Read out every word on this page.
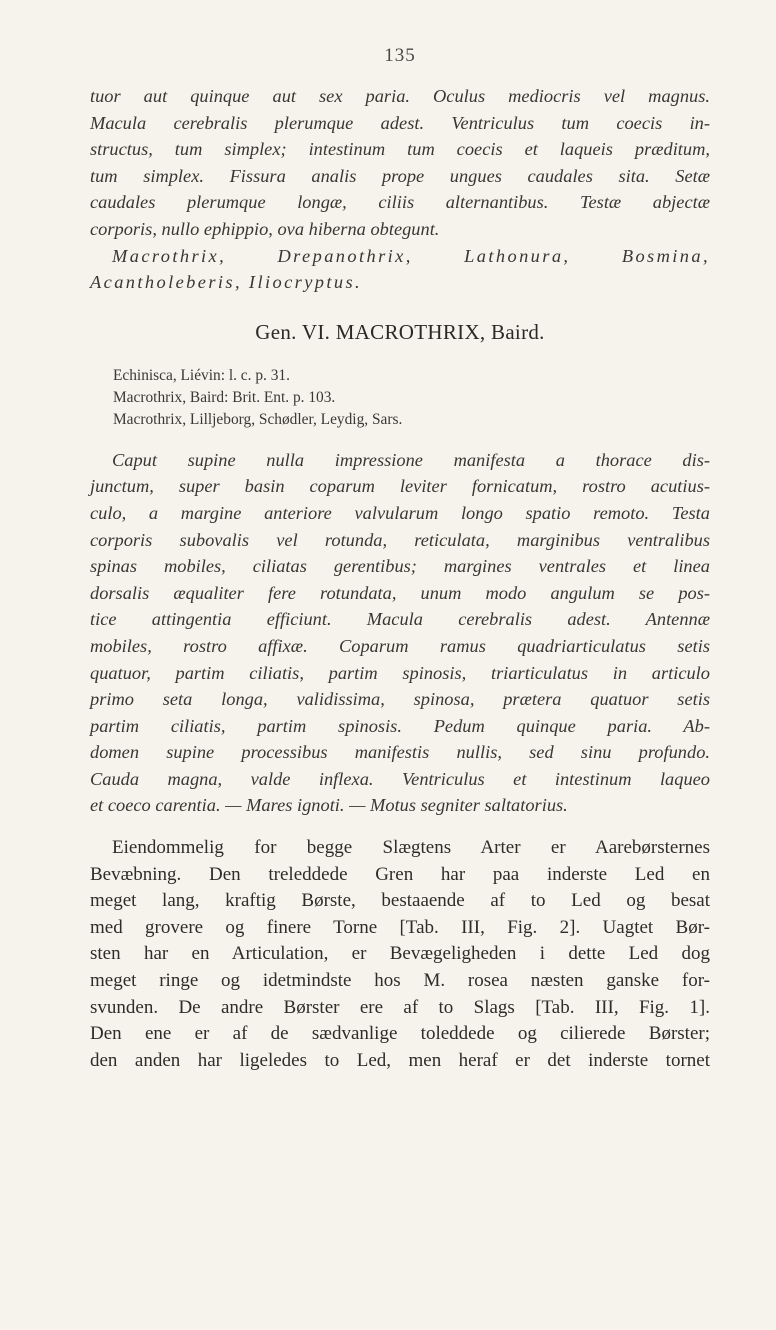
135
tuor aut quinque aut sex paria. Oculus mediocris vel magnus.
Macula cerebralis plerumque adest. Ventriculus tum coecis in-
structus, tum simplex; intestinum tum coecis et laqueis præditum,
tum simplex. Fissura analis prope ungues caudales sita. Setæ
caudales plerumque longæ, ciliis alternantibus. Testæ abjectæ
corporis, nullo ephippio, ova hiberna obtegunt.
Macrothrix, Drepanothrix, Lathonura, Bosmina,
Acantholeberis, Iliocryptus.
Gen. VI. MACROTHRIX, Baird.
Echinisca, Liévin: l. c. p. 31.
Macrothrix, Baird: Brit. Ent. p. 103.
Macrothrix, Lilljeborg, Schødler, Leydig, Sars.
Caput supine nulla impressione manifesta a thorace dis-
junctum, super basin coparum leviter fornicatum, rostro acutius-
culo, a margine anteriore valvularum longo spatio remoto. Testa
corporis subovalis vel rotunda, reticulata, marginibus ventralibus
spinas mobiles, ciliatas gerentibus; margines ventrales et linea
dorsalis æqualiter fere rotundata, unum modo angulum se pos-
tice attingentia efficiunt. Macula cerebralis adest. Antennæ
mobiles, rostro affixæ. Coparum ramus quadriarticulatus setis
quatuor, partim ciliatis, partim spinosis, triarticulatus in articulo
primo seta longa, validissima, spinosa, prætera quatuor setis
partim ciliatis, partim spinosis. Pedum quinque paria. Ab-
domen supine processibus manifestis nullis, sed sinu profundo.
Cauda magna, valde inflexa. Ventriculus et intestinum laqueo
et coeco carentia. — Mares ignoti. — Motus segniter saltatorius.
Eiendommelig for begge Slægtens Arter er Aarebørsternes
Bevæbning. Den treleddede Gren har paa inderste Led en
meget lang, kraftig Børste, bestaaende af to Led og besat
med grovere og finere Torne [Tab. III, Fig. 2]. Uagtet Bør-
sten har en Articulation, er Bevægeligheden i dette Led dog
meget ringe og idetmindste hos M. rosea næsten ganske for-
svunden. De andre Børster ere af to Slags [Tab. III, Fig. 1].
Den ene er af de sædvanlige toleddede og cilierede Børster;
den anden har ligeledes to Led, men heraf er det inderste tornet
